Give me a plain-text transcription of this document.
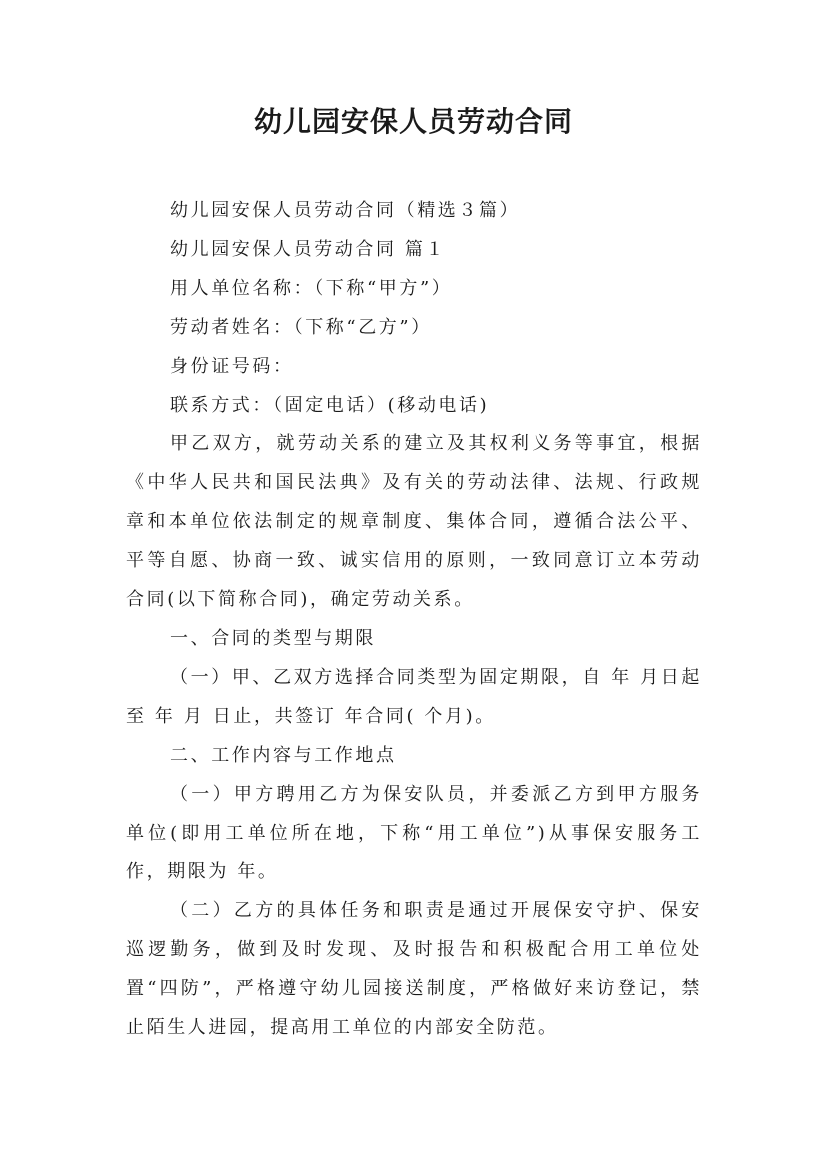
幼儿园安保人员劳动合同

幼儿园安保人员劳动合同（精选３篇）

幼儿园安保人员劳动合同 篇１

用人单位名称：（下称“甲方”）

劳动者姓名：（下称“乙方”）

身份证号码：

联系方式：（固定电话）(移动电话)

甲乙双方，就劳动关系的建立及其权利义务等事宜，根据《中华人民共和国民法典》及有关的劳动法律、法规、行政规章和本单位依法制定的规章制度、集体合同，遵循合法公平、平等自愿、协商一致、诚实信用的原则，一致同意订立本劳动合同(以下简称合同)，确定劳动关系。

一、合同的类型与期限

（一）甲、乙双方选择合同类型为固定期限，自 年 月日起至 年 月 日止，共签订 年合同( 个月)。

二、工作内容与工作地点

（一）甲方聘用乙方为保安队员，并委派乙方到甲方服务单位(即用工单位所在地，下称“用工单位”)从事保安服务工作，期限为 年。

（二）乙方的具体任务和职责是通过开展保安守护、保安巡逻勤务，做到及时发现、及时报告和积极配合用工单位处置“四防”，严格遵守幼儿园接送制度，严格做好来访登记，禁止陌生人进园，提高用工单位的内部安全防范。
